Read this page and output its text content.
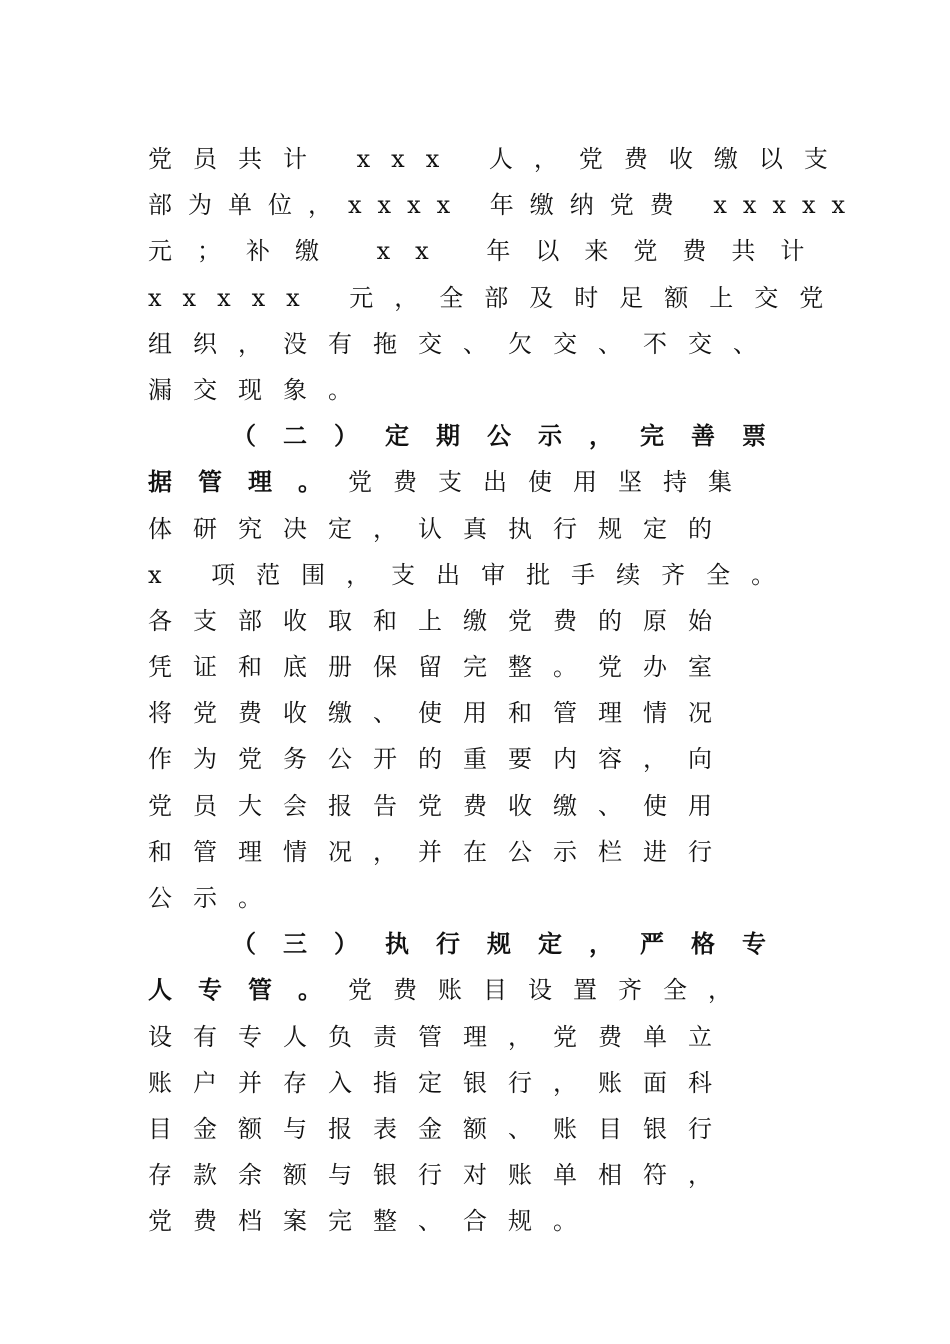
党员共计 xxx 人，党费收缴以支
部为单位，xxxx 年缴纳党费 xxxxx
元；补缴 xx 年以来党费共计
xxxxx 元，全部及时足额上交党
组织，没有拖交、欠交、不交、
漏交现象。
（二）定期公示，完善票
据管理。党费支出使用坚持集
体研究决定，认真执行规定的
x 项范围，支出审批手续齐全。
各支部收取和上缴党费的原始
凭证和底册保留完整。党办室
将党费收缴、使用和管理情况
作为党务公开的重要内容，向
党员大会报告党费收缴、使用
和管理情况，并在公示栏进行
公示。
（三）执行规定，严格专
人专管。党费账目设置齐全，
设有专人负责管理，党费单立
账户并存入指定银行，账面科
目金额与报表金额、账目银行
存款余额与银行对账单相符，
党费档案完整、合规。
